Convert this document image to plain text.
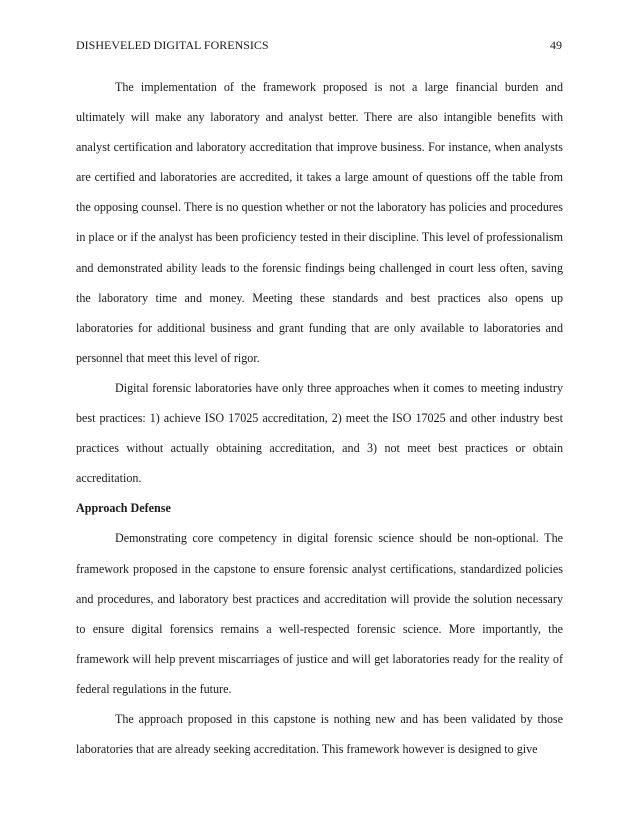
DISHEVELED DIGITAL FORENSICS	49

The implementation of the framework proposed is not a large financial burden and ultimately will make any laboratory and analyst better. There are also intangible benefits with analyst certification and laboratory accreditation that improve business. For instance, when analysts are certified and laboratories are accredited, it takes a large amount of questions off the table from the opposing counsel. There is no question whether or not the laboratory has policies and procedures in place or if the analyst has been proficiency tested in their discipline. This level of professionalism and demonstrated ability leads to the forensic findings being challenged in court less often, saving the laboratory time and money. Meeting these standards and best practices also opens up laboratories for additional business and grant funding that are only available to laboratories and personnel that meet this level of rigor.

Digital forensic laboratories have only three approaches when it comes to meeting industry best practices: 1) achieve ISO 17025 accreditation, 2) meet the ISO 17025 and other industry best practices without actually obtaining accreditation, and 3) not meet best practices or obtain accreditation.

Approach Defense

Demonstrating core competency in digital forensic science should be non-optional. The framework proposed in the capstone to ensure forensic analyst certifications, standardized policies and procedures, and laboratory best practices and accreditation will provide the solution necessary to ensure digital forensics remains a well-respected forensic science. More importantly, the framework will help prevent miscarriages of justice and will get laboratories ready for the reality of federal regulations in the future.

The approach proposed in this capstone is nothing new and has been validated by those laboratories that are already seeking accreditation. This framework however is designed to give
